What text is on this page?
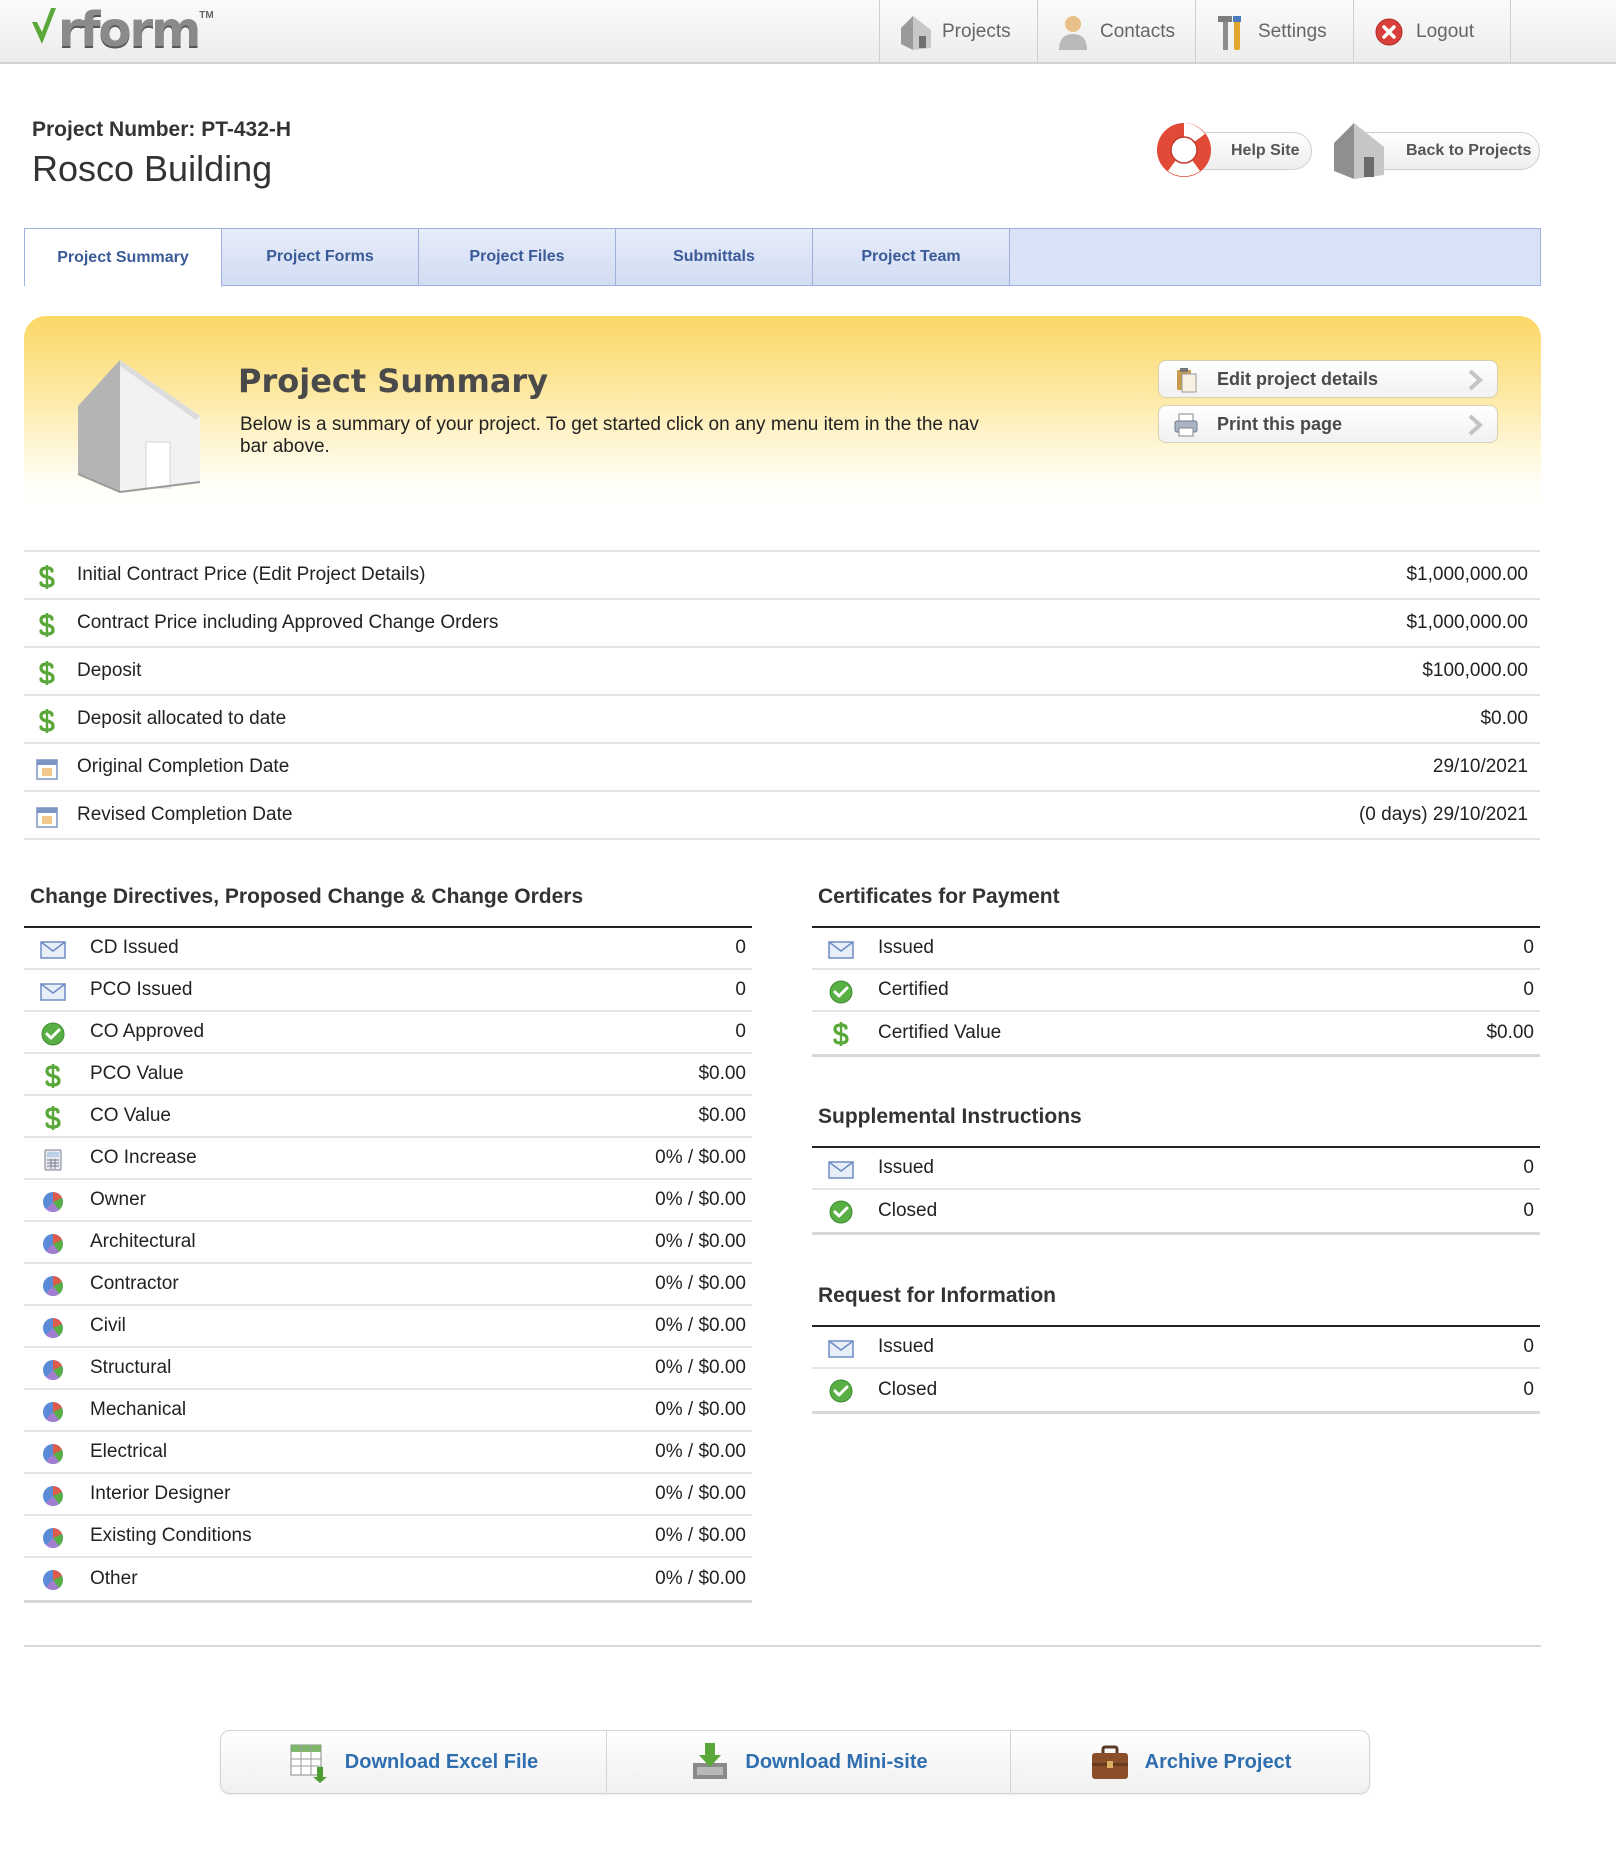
rform TM
Projects	Contacts	Settings	Logout
Project Number: PT-432-H
Rosco Building	Help Site	Back to Projects
Project Summary	Project Forms	Project Files	Submittals	Project Team
Project Summary
Below is a summary of your project. To get started click on any menu item in the the nav bar above.
Edit project details
Print this page
Initial Contract Price (Edit Project Details)	$1,000,000.00
Contract Price including Approved Change Orders	$1,000,000.00
Deposit	$100,000.00
Deposit allocated to date	$0.00
Original Completion Date	29/10/2021
Revised Completion Date	(0 days) 29/10/2021
Change Directives, Proposed Change & Change Orders
CD Issued	0
PCO Issued	0
CO Approved	0
PCO Value	$0.00
CO Value	$0.00
CO Increase	0% / $0.00
Owner	0% / $0.00
Architectural	0% / $0.00
Contractor	0% / $0.00
Civil	0% / $0.00
Structural	0% / $0.00
Mechanical	0% / $0.00
Electrical	0% / $0.00
Interior Designer	0% / $0.00
Existing Conditions	0% / $0.00
Other	0% / $0.00
Certificates for Payment
Issued	0
Certified	0
Certified Value	$0.00
Supplemental Instructions
Issued	0
Closed	0
Request for Information
Issued	0
Closed	0
Download Excel File	Download Mini-site	Archive Project
